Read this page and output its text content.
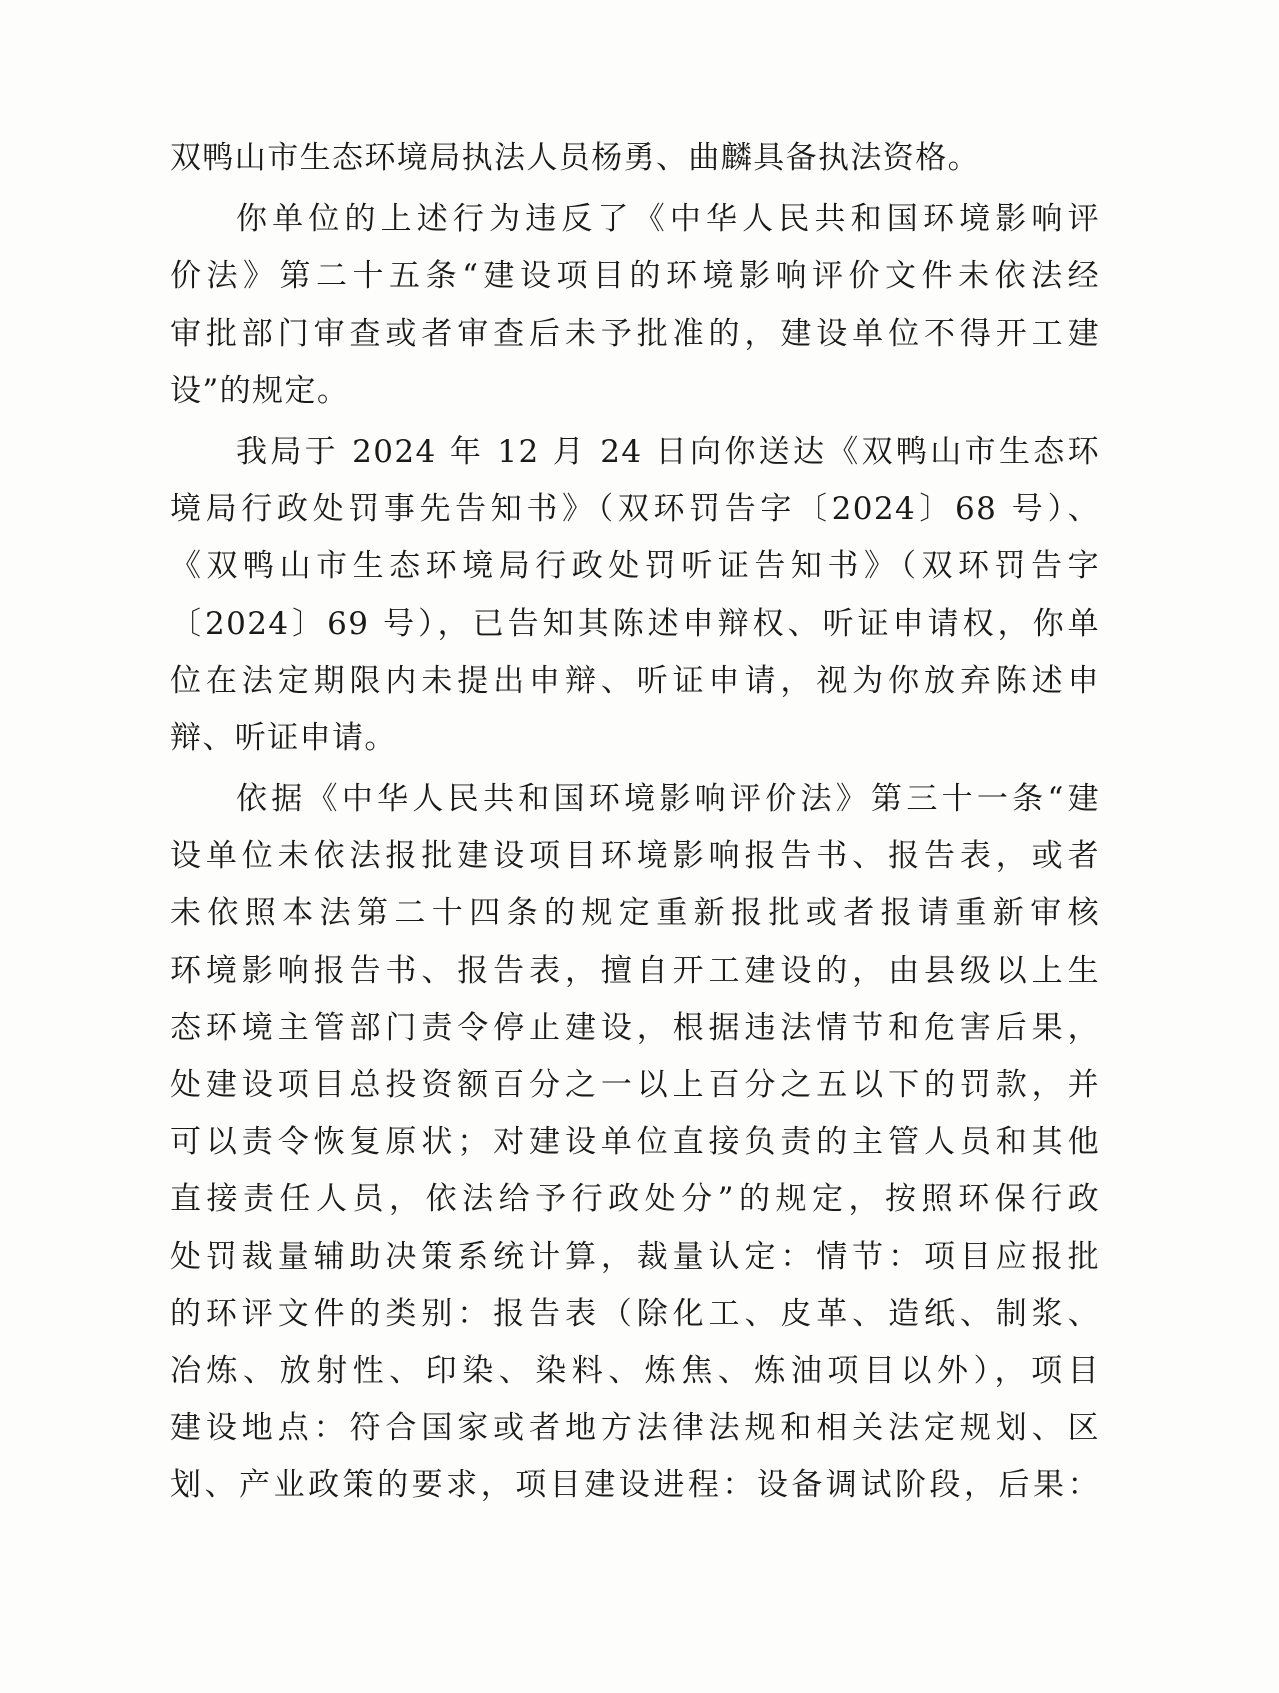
双鸭山市生态环境局执法人员杨勇、曲麟具备执法资格。
你单位的上述行为违反了《中华人民共和国环境影响评
价法》第二十五条“建设项目的环境影响评价文件未依法经
审批部门审查或者审查后未予批准的，建设单位不得开工建
设”的规定。
我局于 2024 年 12 月 24 日向你送达《双鸭山市生态环
境局行政处罚事先告知书》（双环罚告字〔2024〕68 号）、
《双鸭山市生态环境局行政处罚听证告知书》（双环罚告字
〔2024〕69 号），已告知其陈述申辩权、听证申请权，你单
位在法定期限内未提出申辩、听证申请，视为你放弃陈述申
辩、听证申请。
依据《中华人民共和国环境影响评价法》第三十一条“建
设单位未依法报批建设项目环境影响报告书、报告表，或者
未依照本法第二十四条的规定重新报批或者报请重新审核
环境影响报告书、报告表，擅自开工建设的，由县级以上生
态环境主管部门责令停止建设，根据违法情节和危害后果，
处建设项目总投资额百分之一以上百分之五以下的罚款，并
可以责令恢复原状；对建设单位直接负责的主管人员和其他
直接责任人员，依法给予行政处分”的规定，按照环保行政
处罚裁量辅助决策系统计算，裁量认定：情节：项目应报批
的环评文件的类别：报告表（除化工、皮革、造纸、制浆、
冶炼、放射性、印染、染料、炼焦、炼油项目以外），项目
建设地点：符合国家或者地方法律法规和相关法定规划、区
划、产业政策的要求，项目建设进程：设备调试阶段，后果：
